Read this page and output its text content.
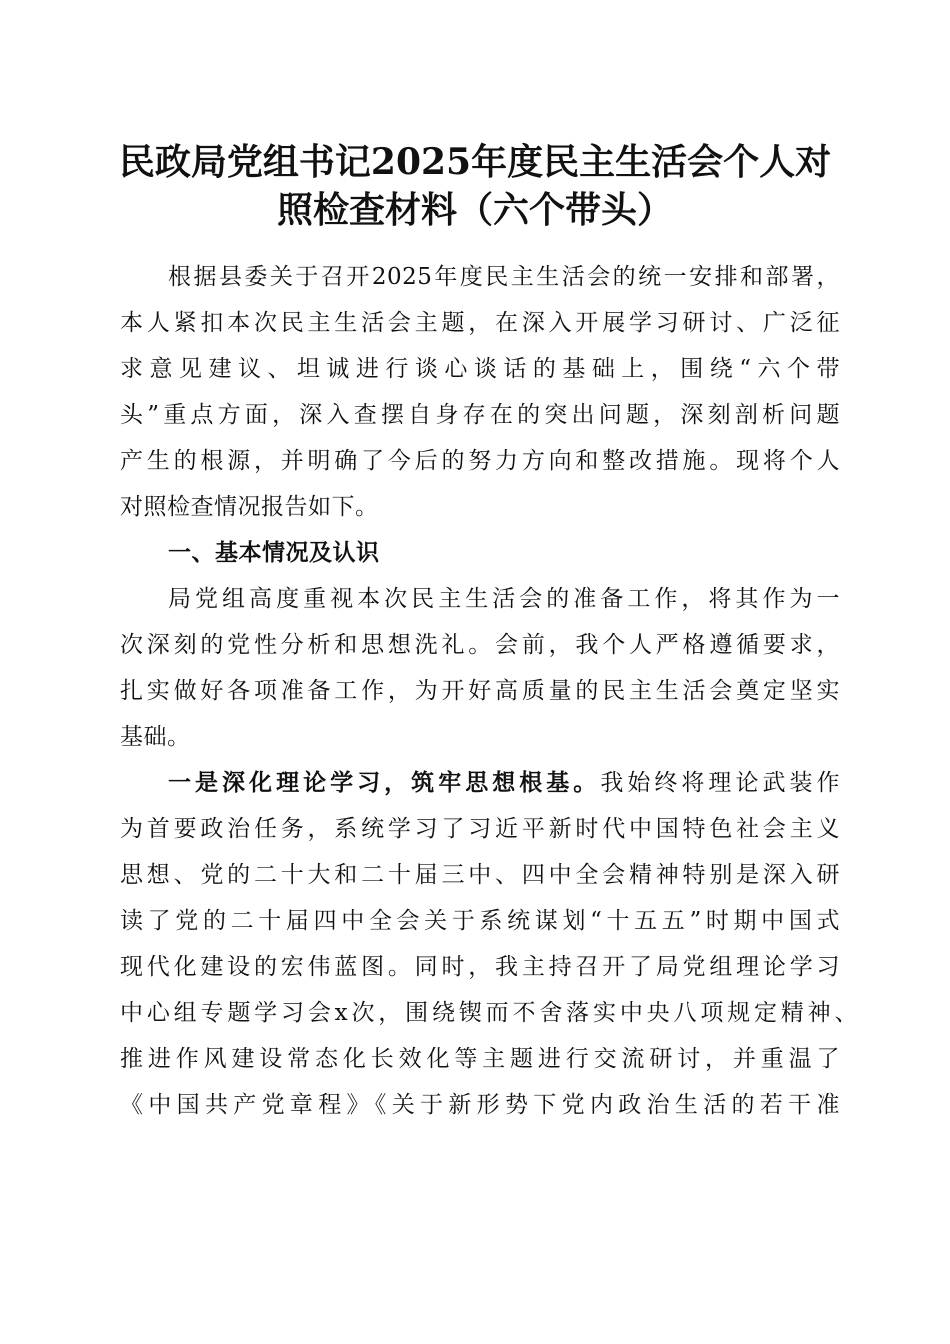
民政局党组书记2025年度民主生活会个人对
照检查材料（六个带头）
根据县委关于召开2025年度民主生活会的统一安排和部署，
本人紧扣本次民主生活会主题，在深入开展学习研讨、广泛征
求意见建议、坦诚进行谈心谈话的基础上，围绕“六个带
头”重点方面，深入查摆自身存在的突出问题，深刻剖析问题
产生的根源，并明确了今后的努力方向和整改措施。现将个人
对照检查情况报告如下。
一、基本情况及认识
局党组高度重视本次民主生活会的准备工作，将其作为一
次深刻的党性分析和思想洗礼。会前，我个人严格遵循要求，
扎实做好各项准备工作，为开好高质量的民主生活会奠定坚实
基础。
一是深化理论学习，筑牢思想根基。我始终将理论武装作
为首要政治任务，系统学习了习近平新时代中国特色社会主义
思想、党的二十大和二十届三中、四中全会精神特别是深入研
读了党的二十届四中全会关于系统谋划“十五五”时期中国式
现代化建设的宏伟蓝图。同时，我主持召开了局党组理论学习
中心组专题学习会x次，围绕锲而不舍落实中央八项规定精神、
推进作风建设常态化长效化等主题进行交流研讨，并重温了
《中国共产党章程》《关于新形势下党内政治生活的若干准
